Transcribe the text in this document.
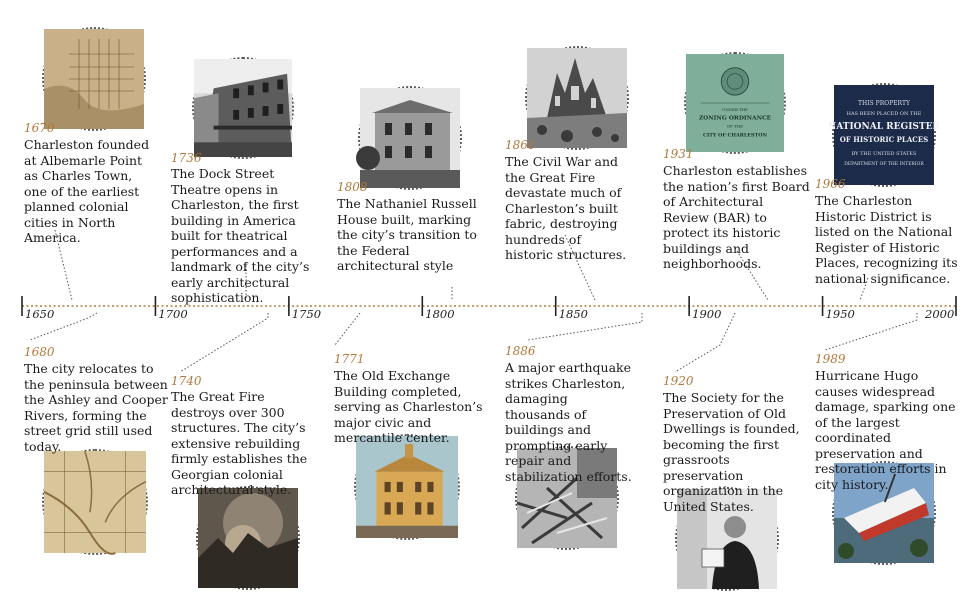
1650	1700	1750	1800	1850	1900	1950	2000
UNDER THE
ZONING ORDINANCE
OF THE
CITY OF CHARLESTON
THIS PROPERTY
HAS BEEN PLACED ON THE
NATIONAL REGISTER
OF HISTORIC PLACES
BY THE UNITED STATES
DEPARTMENT OF THE INTERIOR
1670
Charleston founded at Albemarle Point as Charles Town, one of the earliest planned colonial cities in North America.
1736
The Dock Street Theatre opens in Charleston, the first building in America built for theatrical performances and a landmark of the city’s early architectural sophistication.
1808
The Nathaniel Russell House built, marking the city’s transition to the Federal architectural style
1861
The Civil War and the Great Fire devastate much of Charleston’s built fabric, destroying hundreds of historic structures.
1931
Charleston establishes the nation’s first Board of Architectural Review (BAR) to protect its historic buildings and neighborhoods.
1966
The Charleston Historic District is listed on the National Register of Historic Places, recognizing its national significance.
1680
The city relocates to the peninsula between the Ashley and Cooper Rivers, forming the street grid still used today.
1740
The Great Fire destroys over 300 structures. The city’s extensive rebuilding firmly establishes the Georgian colonial architectural style.
1771
The Old Exchange Building completed, serving as Charleston’s major civic and mercantile center.
1886
A major earthquake strikes Charleston, damaging thousands of buildings and prompting early repair and stabilization efforts.
1920
The Society for the Preservation of Old Dwellings is founded, becoming the first grassroots preservation organization in the United States.
1989
Hurricane Hugo causes widespread damage, sparking one of the largest coordinated preservation and restoration efforts in city history.
